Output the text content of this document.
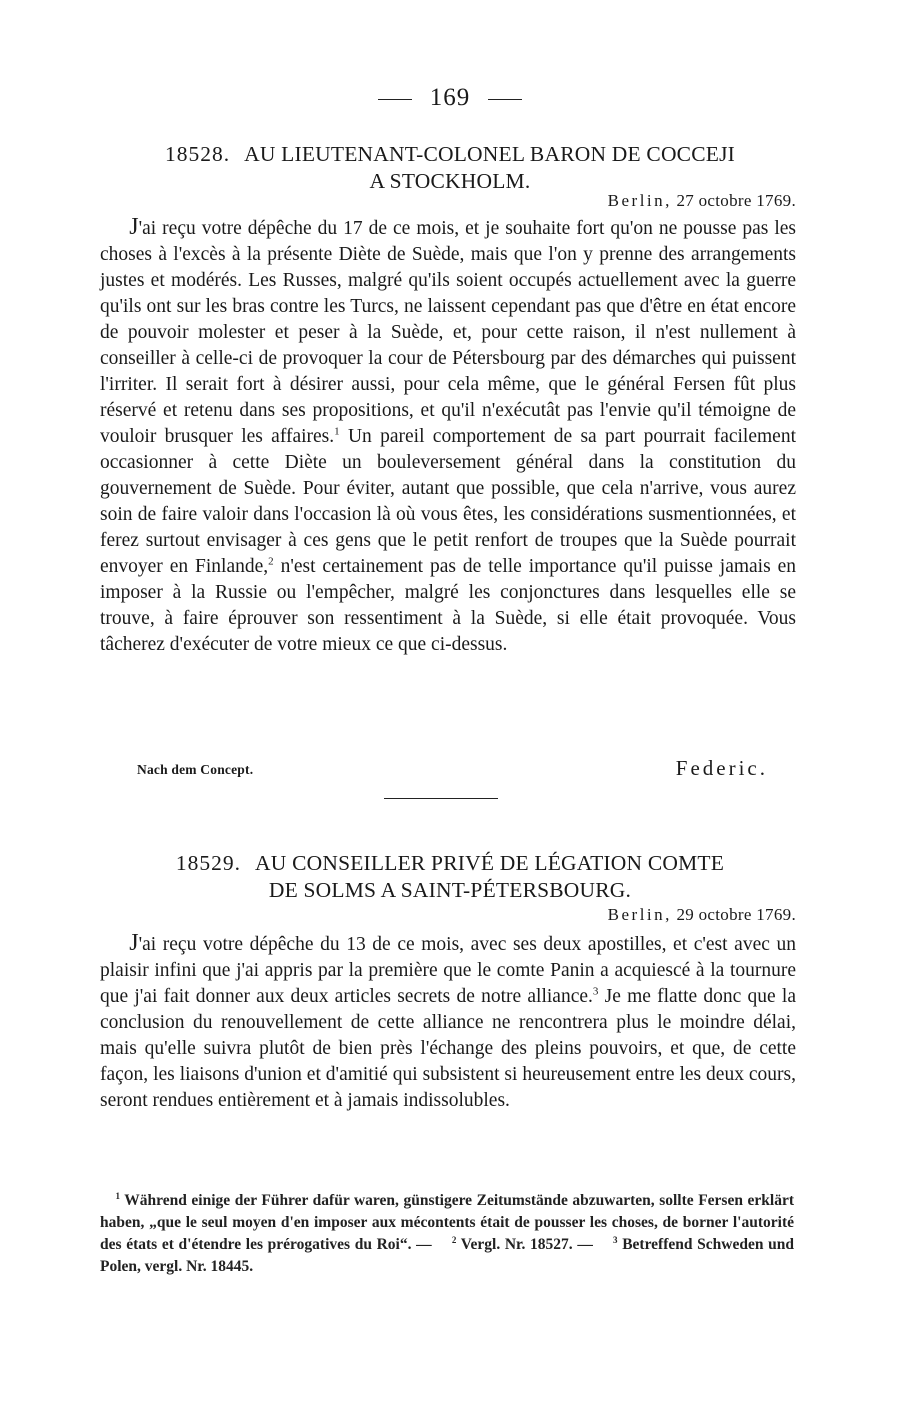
169
18528. AU LIEUTENANT-COLONEL BARON DE COCCEJI
A STOCKHOLM.
Berlin, 27 octobre 1769.
  J'ai reçu votre dépêche du 17 de ce mois, et je souhaite fort qu'on ne pousse pas les choses à l'excès à la présente Diète de Suède, mais que l'on y prenne des arrangements justes et modérés. Les Russes, malgré qu'ils soient occupés actuellement avec la guerre qu'ils ont sur les bras contre les Turcs, ne laissent cependant pas que d'être en état encore de pouvoir molester et peser à la Suède, et, pour cette raison, il n'est nullement à conseiller à celle-ci de provoquer la cour de Pétersbourg par des démarches qui puissent l'irriter. Il serait fort à désirer aussi, pour cela même, que le général Fersen fût plus réservé et retenu dans ses propositions, et qu'il n'exécutât pas l'envie qu'il témoigne de vouloir brusquer les affaires.$^1$ Un pareil comportement de sa part pourrait facilement occasionner à cette Diète un bouleversement général dans la constitution du gouvernement de Suède. Pour éviter, autant que possible, que cela n'arrive, vous aurez soin de faire valoir dans l'occasion là où vous êtes, les considérations susmentionnées, et ferez surtout envisager à ces gens que le petit renfort de troupes que la Suède pourrait envoyer en Finlande,$^2$ n'est certainement pas de telle importance qu'il puisse jamais en imposer à la Russie ou l'empêcher, malgré les conjonctures dans lesquelles elle se trouve, à faire éprouver son ressentiment à la Suède, si elle était provoquée. Vous tâcherez d'exécuter de votre mieux ce que ci-dessus.
Nach dem Concept.	Federic.
18529. AU CONSEILLER PRIVÉ DE LÉGATION COMTE
DE SOLMS A SAINT-PÉTERSBOURG.
Berlin, 29 octobre 1769.
  J'ai reçu votre dépêche du 13 de ce mois, avec ses deux apostilles, et c'est avec un plaisir infini que j'ai appris par la première que le comte Panin a acquiescé à la tournure que j'ai fait donner aux deux articles secrets de notre alliance.$^3$ Je me flatte donc que la conclusion du renouvellement de cette alliance ne rencontrera plus le moindre délai, mais qu'elle suivra plutôt de bien près l'échange des pleins pouvoirs, et que, de cette façon, les liaisons d'union et d'amitié qui subsistent si heureusement entre les deux cours, seront rendues entièrement et à jamais indissolubles.
 $^1$ Während einige der Führer dafür waren, günstigere Zeitumstände abzuwarten, sollte Fersen erklärt haben, „que le seul moyen d'en imposer aux mécontents était de pousser les choses, de borner l'autorité des états et d'étendre les prérogatives du Roi“. —   $^2$ Vergl. Nr. 18527. —   $^3$ Betreffend Schweden und Polen, vergl. Nr. 18445.
